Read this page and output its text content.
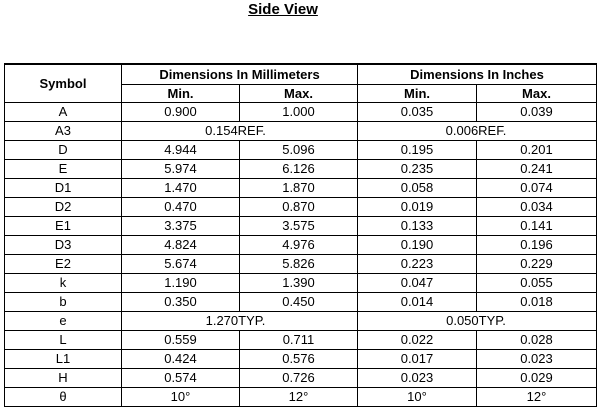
Side View
Symbol	Dimensions In Millimeters		Dimensions In Inches	
	Min.	Max.	Min.	Max.
A	0.900	1.000	0.035	0.039
A3	0.154REF.		0.006REF.	
D	4.944	5.096	0.195	0.201
E	5.974	6.126	0.235	0.241
D1	1.470	1.870	0.058	0.074
D2	0.470	0.870	0.019	0.034
E1	3.375	3.575	0.133	0.141
D3	4.824	4.976	0.190	0.196
E2	5.674	5.826	0.223	0.229
k	1.190	1.390	0.047	0.055
b	0.350	0.450	0.014	0.018
e	1.270TYP.		0.050TYP.	
L	0.559	0.711	0.022	0.028
L1	0.424	0.576	0.017	0.023
H	0.574	0.726	0.023	0.029
θ	10°	12°	10°	12°
